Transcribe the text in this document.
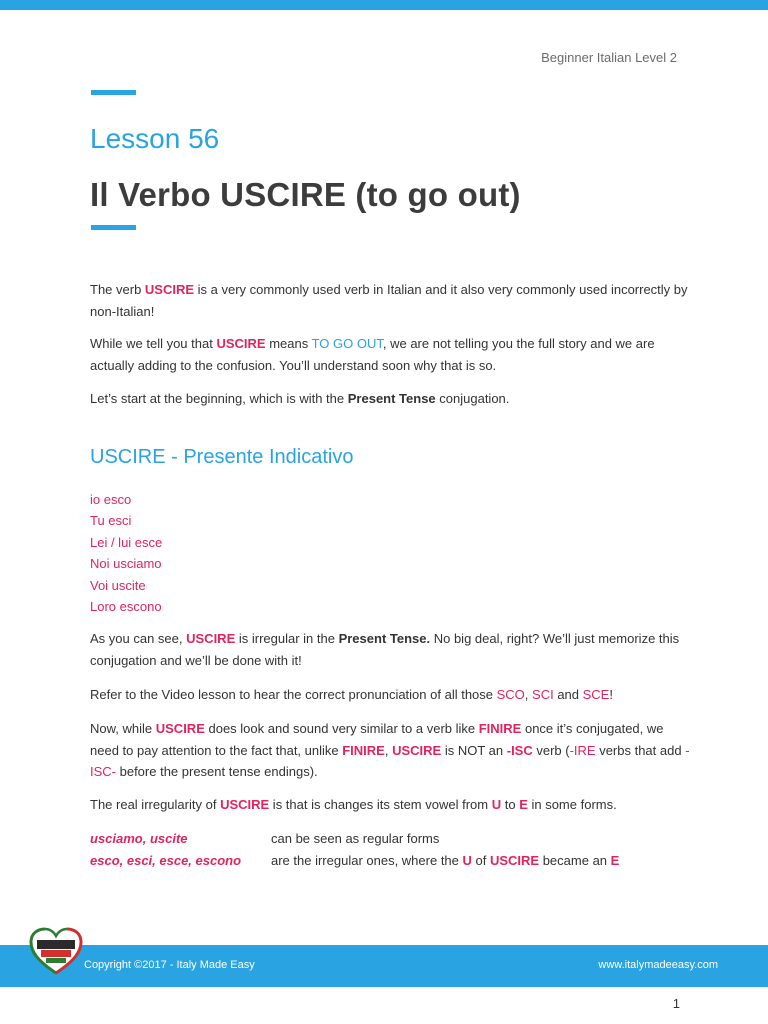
Beginner Italian Level 2
Lesson 56
Il Verbo USCIRE (to go out)
The verb USCIRE is a very commonly used verb in Italian and it also very commonly used incorrectly by non-Italian!
While we tell you that USCIRE means TO GO OUT, we are not telling you the full story and we are actually adding to the confusion. You’ll understand soon why that is so.
Let’s start at the beginning, which is with the Present Tense conjugation.
USCIRE - Presente Indicativo
io esco
Tu esci
Lei / lui esce
Noi usciamo
Voi uscite
Loro escono
As you can see, USCIRE is irregular in the Present Tense. No big deal, right? We’ll just memorize this conjugation and we’ll be done with it!
Refer to the Video lesson to hear the correct pronunciation of all those SCO, SCI and SCE!
Now, while USCIRE does look and sound very similar to a verb like FINIRE once it’s conjugated, we need to pay attention to the fact that, unlike FINIRE, USCIRE is NOT an -ISC verb (-IRE verbs that add -ISC- before the present tense endings).
The real irregularity of USCIRE is that is changes its stem vowel from U to E in some forms.
usciamo, uscite	can be seen as regular forms
esco, esci, esce, escono are the irregular ones, where the U of USCIRE became an E
Copyright ©2017 - Italy Made Easy	www.italymadeeasy.com
1
